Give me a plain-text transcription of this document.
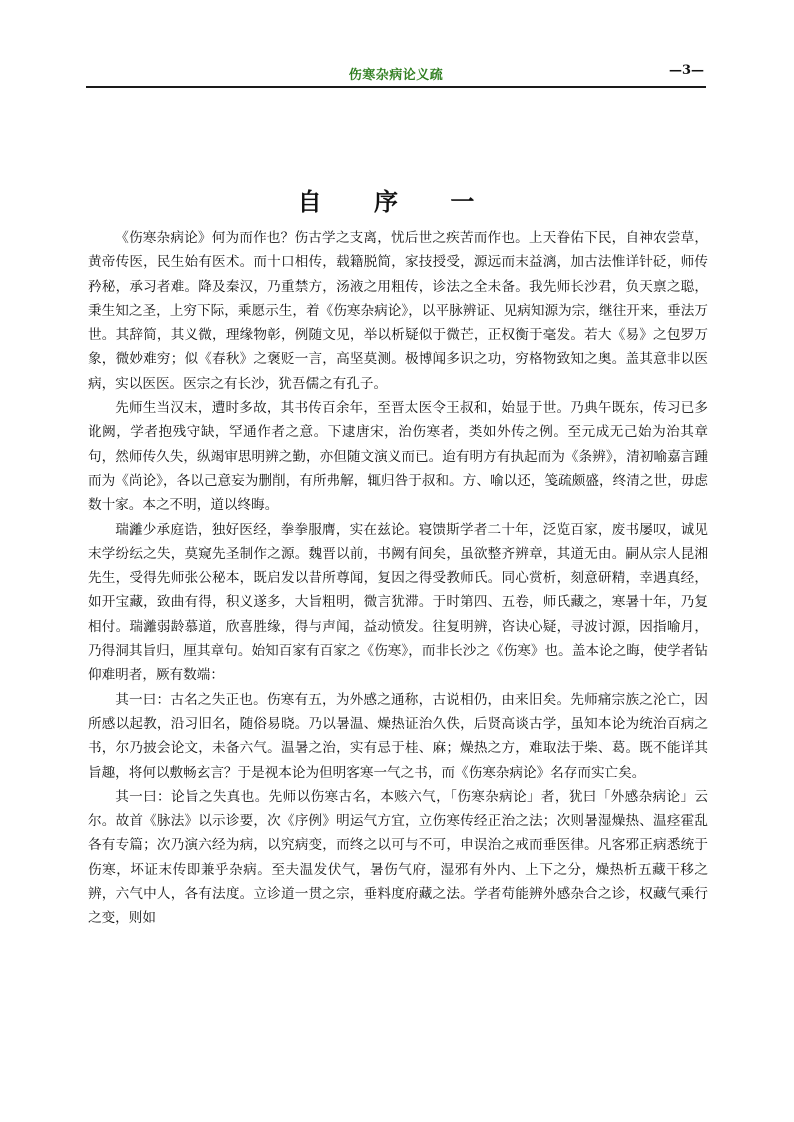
伤寒杂病论义疏	—3—
自 序 一

《伤寒杂病论》何为而作也？伤古学之支离，忧后世之疾苦而作也。上天眷佑下民，自神农尝草，黄帝传医，民生始有医术。而十口相传，载籍脱简，家技授受，源远而末益漓，加古法惟详针砭，师传矜秘，承习者难。降及秦汉，乃重禁方，汤液之用粗传，诊法之全未备。我先师长沙君，负天禀之聪，秉生知之圣，上穷下际，乘愿示生，着《伤寒杂病论》，以平脉辨证、见病知源为宗，继往开来，垂法万世。其辞简，其义微，理缘物彰，例随文见，举以析疑似于微芒，正权衡于毫发。若大《易》之包罗万象，微妙难穷；似《春秋》之褒贬一言，高坚莫测。极博闻多识之功，穷格物致知之奥。盖其意非以医病，实以医医。医宗之有长沙，犹吾儒之有孔子。

先师生当汉末，遭时多故，其书传百余年，至晋太医令王叔和，始显于世。乃典午既东，传习已多讹阙，学者抱残守缺，罕通作者之意。下逮唐宋，治伤寒者，类如外传之例。至元成无己始为治其章句，然师传久失，纵竭审思明辨之勤，亦但随文演义而已。迨有明方有执起而为《条辨》，清初喻嘉言踵而为《尚论》，各以己意妄为删削，有所弗解，辄归咎于叔和。方、喻以还，笺疏颇盛，终清之世，毋虑数十家。本之不明，道以终晦。

瑞灕少承庭诰，独好医经，拳拳服膺，实在兹论。寝馈斯学者二十年，泛览百家，废书屡叹，诚见末学纷纭之失，莫窥先圣制作之源。魏晋以前，书阙有间矣，虽欲整齐辨章，其道无由。嗣从宗人昆湘先生，受得先师张公秘本，既启发以昔所尊闻，复因之得受教师氏。同心赏析，刻意研精，幸遇真经，如开宝藏，致曲有得，积义遂多，大旨粗明，微言犹滞。于时第四、五卷，师氏藏之，寒暑十年，乃复相付。瑞灕弱龄慕道，欣喜胜缘，得与声闻，益动愤发。往复明辨，咨诀心疑，寻波讨源，因指喻月，乃得洞其旨归，厘其章句。始知百家有百家之《伤寒》，而非长沙之《伤寒》也。盖本论之晦，使学者钻仰难明者，厥有数端：

其一曰：古名之失正也。伤寒有五，为外感之通称，古说相仍，由来旧矣。先师痛宗族之沦亡，因所感以起教，沿习旧名，随俗易晓。乃以暑温、燥热证治久佚，后贤高谈古学，虽知本论为统治百病之书，尔乃披会论文，未备六气。温暑之治，实有忌于桂、麻；燥热之方，难取法于柴、葛。既不能详其旨趣，将何以敷畅玄言？于是视本论为但明客寒一气之书，而《伤寒杂病论》名存而实亡矣。

其一曰：论旨之失真也。先师以伤寒古名，本赅六气，「伤寒杂病论」者，犹曰「外感杂病论」云尔。故首《脉法》以示诊要，次《序例》明运气方宜，立伤寒传经正治之法；次则暑湿燥热、温痉霍乱各有专篇；次乃演六经为病，以究病变，而终之以可与不可，申误治之戒而垂医律。凡客邪正病悉统于伤寒，坏证末传即兼乎杂病。至夫温发伏气，暑伤气府，湿邪有外内、上下之分，燥热析五藏干移之辨，六气中人，各有法度。立诊道一贯之宗，垂料度府藏之法。学者苟能辨外感杂合之诊，权藏气乘行之变，则如
